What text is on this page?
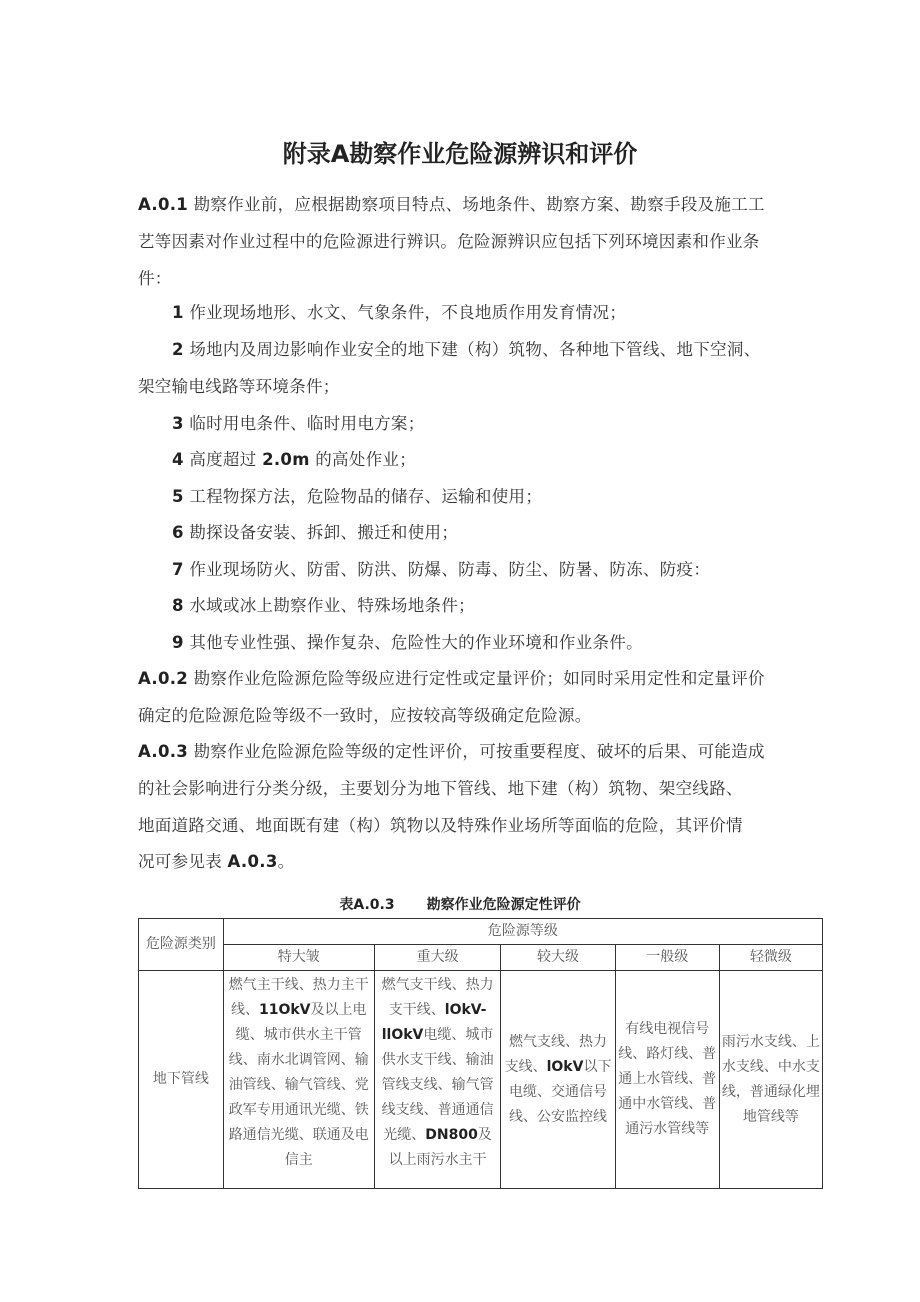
附录A勘察作业危险源辨识和评价
A.0.1 勘察作业前，应根据勘察项目特点、场地条件、勘察方案、勘察手段及施工工
艺等因素对作业过程中的危险源进行辨识。危险源辨识应包括下列环境因素和作业条
件：
1 作业现场地形、水文、气象条件，不良地质作用发育情况；
2 场地内及周边影响作业安全的地下建（构）筑物、各种地下管线、地下空洞、
架空输电线路等环境条件；
3 临时用电条件、临时用电方案；
4 高度超过 2.0m 的高处作业；
5 工程物探方法，危险物品的储存、运输和使用；
6 勘探设备安装、拆卸、搬迁和使用；
7 作业现场防火、防雷、防洪、防爆、防毒、防尘、防暑、防冻、防疫：
8 水域或冰上勘察作业、特殊场地条件；
9 其他专业性强、操作复杂、危险性大的作业环境和作业条件。
A.0.2 勘察作业危险源危险等级应进行定性或定量评价；如同时采用定性和定量评价
确定的危险源危险等级不一致时，应按较高等级确定危险源。
A.0.3 勘察作业危险源危险等级的定性评价，可按重要程度、破坏的后果、可能造成
的社会影响进行分类分级，主要划分为地下管线、地下建（构）筑物、架空线路、
地面道路交通、地面既有建（构）筑物以及特殊作业场所等面临的危险，其评价情
况可参见表 A.0.3。
表A.0.3 勘察作业危险源定性评价
危险源类别	危险源等级				
	特大皱	重大级	较大级	一般级	轻微级
地下管线	燃气主干线、热力主干线、11OkV及以上电缆、城市供水主干管线、南水北调管网、输油管线、输气管线、党政军专用通讯光缆、铁路通信光缆、联通及电信主	燃气支干线、热力支干线、lOkV-llOkV电缆、城市供水支干线、输油管线支线、输气管线支线、普通通信光缆、DN800及以上雨污水主干	燃气支线、热力支线、lOkV以下电缆、交通信号线、公安监控线	有线电视信号线、路灯线、普通上水管线、普通中水管线、普通污水管线等	雨污水支线、上水支线、中水支线，普通绿化埋地管线等
